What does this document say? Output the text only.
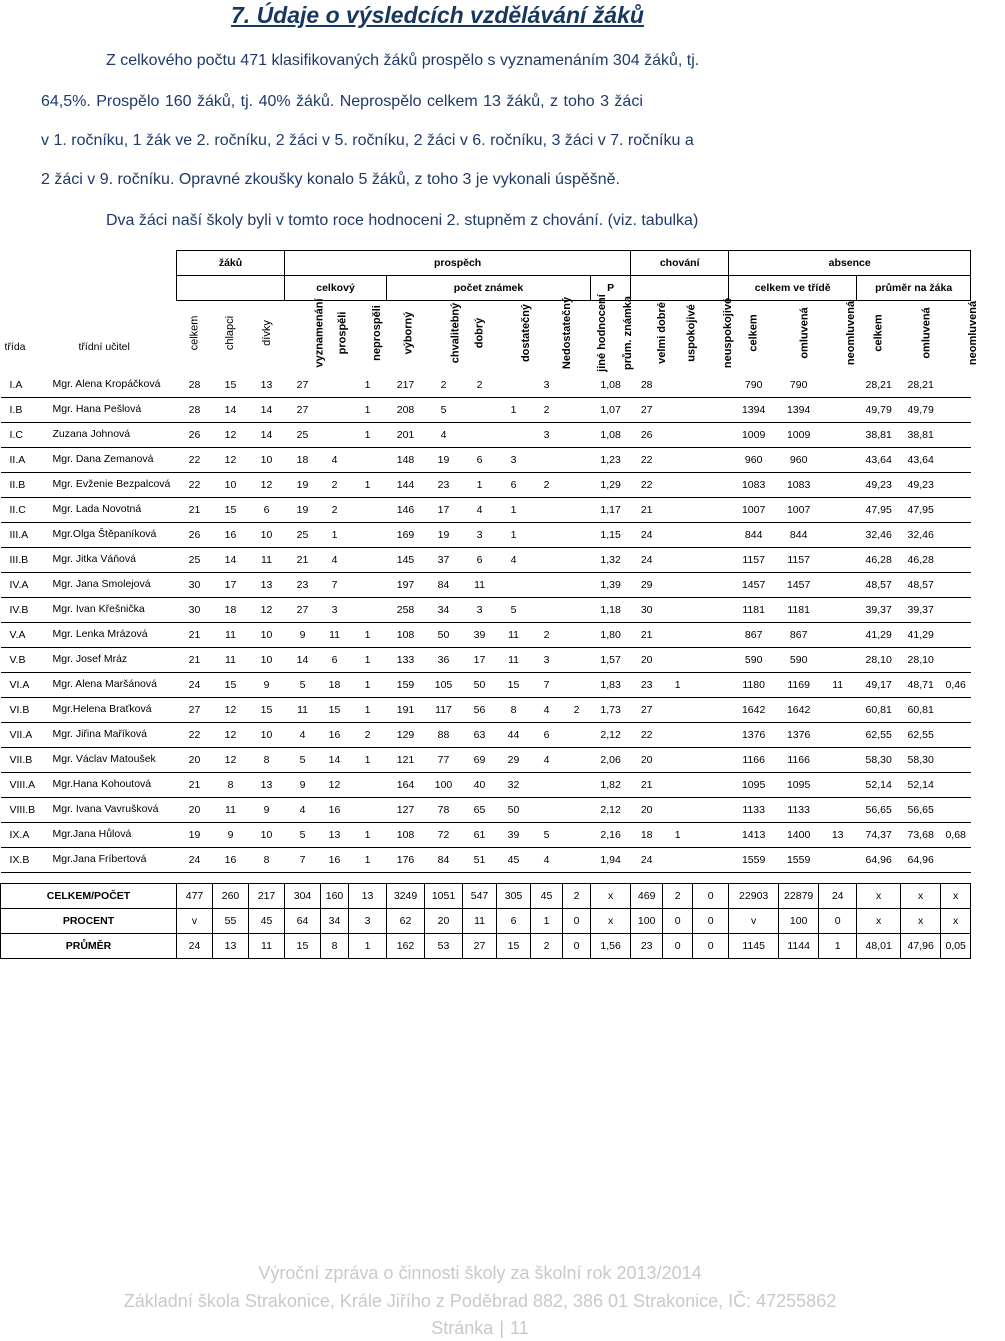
7. Údaje o výsledcích vzdělávání žáků
Z celkového počtu 471 klasifikovaných žáků prospělo s vyznamenáním 304 žáků, tj.
64,5%. Prospělo 160 žáků, tj. 40% žáků. Neprospělo celkem 13 žáků, z toho 3 žáci
v 1. ročníku, 1 žák ve 2. ročníku, 2 žáci v 5. ročníku, 2 žáci v 6. ročníku, 3 žáci v 7. ročníku a
2 žáci v 9. ročníku. Opravné zkoušky konalo 5 žáků, z toho 3 je vykonali úspěšně.
Dva žáci naší školy byli v tomto roce hodnoceni 2. stupněm z chování. (viz. tabulka)
		žáků			prospěch										chování			absence					
					celkový			počet známek						P				celkem ve třídě			průměr na žáka		
třída	třídní učitel	celkem	chlapci	dívky	vyznamenání	prospěli	neprospěli	výborný	chvalitebný	dobrý	dostatečný	Nedostatečný	jiné hodnocení	prům. známka	velmi dobré	uspokojivé	neuspokojivé	celkem	omluvená	neomluvená	celkem	omluvená	neomluvená

I.A	Mgr. Alena Kropáčková	28	15	13	27		1	217	2	2		3		1,08	28			790	790		28,21	28,21	
I.B	Mgr. Hana Pešlová	28	14	14	27		1	208	5		1	2		1,07	27			1394	1394		49,79	49,79	
I.C	Zuzana Johnová	26	12	14	25		1	201	4			3		1,08	26			1009	1009		38,81	38,81	
II.A	Mgr. Dana Zemanová	22	12	10	18	4		148	19	6	3			1,23	22			960	960		43,64	43,64	
II.B	Mgr. Evženie Bezpalcová	22	10	12	19	2	1	144	23	1	6	2		1,29	22			1083	1083		49,23	49,23	
II.C	Mgr. Lada Novotná	21	15	6	19	2		146	17	4	1			1,17	21			1007	1007		47,95	47,95	
III.A	Mgr.Olga Štěpaníková	26	16	10	25	1		169	19	3	1			1,15	24			844	844		32,46	32,46	
III.B	Mgr. Jitka Váňová	25	14	11	21	4		145	37	6	4			1,32	24			1157	1157		46,28	46,28	
IV.A	Mgr. Jana Smolejová	30	17	13	23	7		197	84	11				1,39	29			1457	1457		48,57	48,57	
IV.B	Mgr. Ivan Křešnička	30	18	12	27	3		258	34	3	5			1,18	30			1181	1181		39,37	39,37	
V.A	Mgr. Lenka Mrázová	21	11	10	9	11	1	108	50	39	11	2		1,80	21			867	867		41,29	41,29	
V.B	Mgr. Josef Mráz	21	11	10	14	6	1	133	36	17	11	3		1,57	20			590	590		28,10	28,10	
VI.A	Mgr. Alena Maršánová	24	15	9	5	18	1	159	105	50	15	7		1,83	23	1		1180	1169	11	49,17	48,71	0,46
VI.B	Mgr.Helena Braťková	27	12	15	11	15	1	191	117	56	8	4	2	1,73	27			1642	1642		60,81	60,81	
VII.A	Mgr. Jiřina Maříková	22	12	10	4	16	2	129	88	63	44	6		2,12	22			1376	1376		62,55	62,55	
VII.B	Mgr. Václav Matoušek	20	12	8	5	14	1	121	77	69	29	4		2,06	20			1166	1166		58,30	58,30	
VIII.A	Mgr.Hana Kohoutová	21	8	13	9	12		164	100	40	32			1,82	21			1095	1095		52,14	52,14	
VIII.B	Mgr. Ivana Vavrušková	20	11	9	4	16		127	78	65	50			2,12	20			1133	1133		56,65	56,65	
IX.A	Mgr.Jana Hůlová	19	9	10	5	13	1	108	72	61	39	5		2,16	18	1		1413	1400	13	74,37	73,68	0,68
IX.B	Mgr.Jana Fríbertová	24	16	8	7	16	1	176	84	51	45	4		1,94	24			1559	1559		64,96	64,96	

CELKEM/POČET		477	260	217	304	160	13	3249	1051	547	305	45	2	x	469	2	0	22903	22879	24	x	x	x
PROCENT		v	55	45	64	34	3	62	20	11	6	1	0	x	100	0	0	v	100	0	x	x	x
PRŮMĚR		24	13	11	15	8	1	162	53	27	15	2	0	1,56	23	0	0	1145	1144	1	48,01	47,96	0,05
Výroční zpráva o činnosti školy za školní rok 2013/2014
Základní škola Strakonice, Krále Jiřího z Poděbrad 882, 386 01 Strakonice, IČ: 47255862
Stránka | 11
